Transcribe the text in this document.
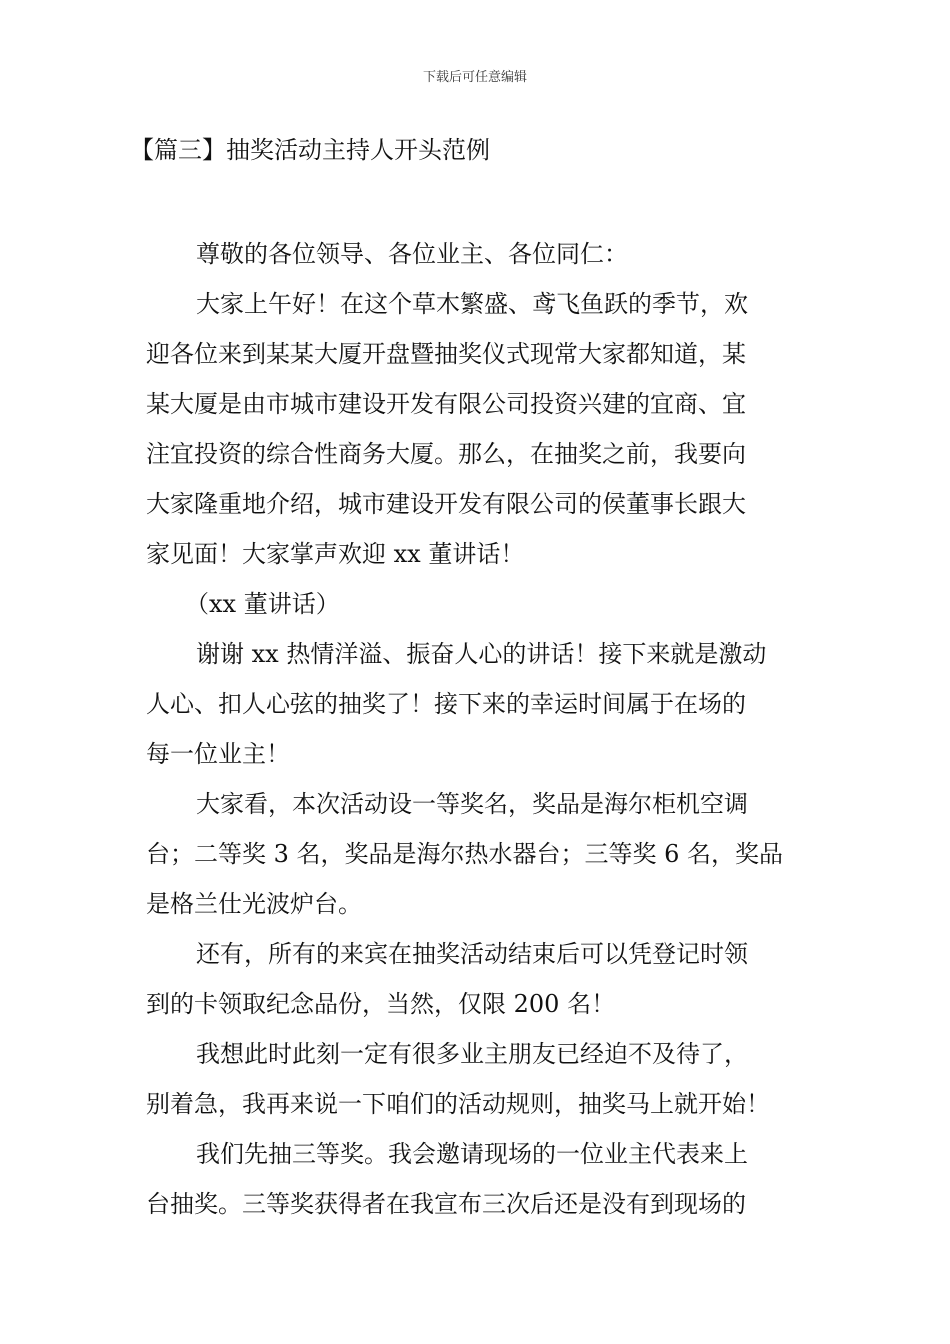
下载后可任意编辑
【篇三】抽奖活动主持人开头范例
尊敬的各位领导、各位业主、各位同仁：
大家上午好！在这个草木繁盛、鸢飞鱼跃的季节，欢
迎各位来到某某大厦开盘暨抽奖仪式现常大家都知道，某
某大厦是由市城市建设开发有限公司投资兴建的宜商、宜
注宜投资的综合性商务大厦。那么，在抽奖之前，我要向
大家隆重地介绍，城市建设开发有限公司的侯董事长跟大
家见面！大家掌声欢迎 xx 董讲话！
（xx 董讲话）
谢谢 xx 热情洋溢、振奋人心的讲话！接下来就是激动
人心、扣人心弦的抽奖了！接下来的幸运时间属于在场的
每一位业主！
大家看，本次活动设一等奖名，奖品是海尔柜机空调
台；二等奖 3 名，奖品是海尔热水器台；三等奖 6 名，奖品
是格兰仕光波炉台。
还有，所有的来宾在抽奖活动结束后可以凭登记时领
到的卡领取纪念品份，当然，仅限 200 名！
我想此时此刻一定有很多业主朋友已经迫不及待了，
别着急，我再来说一下咱们的活动规则，抽奖马上就开始！
我们先抽三等奖。我会邀请现场的一位业主代表来上
台抽奖。三等奖获得者在我宣布三次后还是没有到现场的
